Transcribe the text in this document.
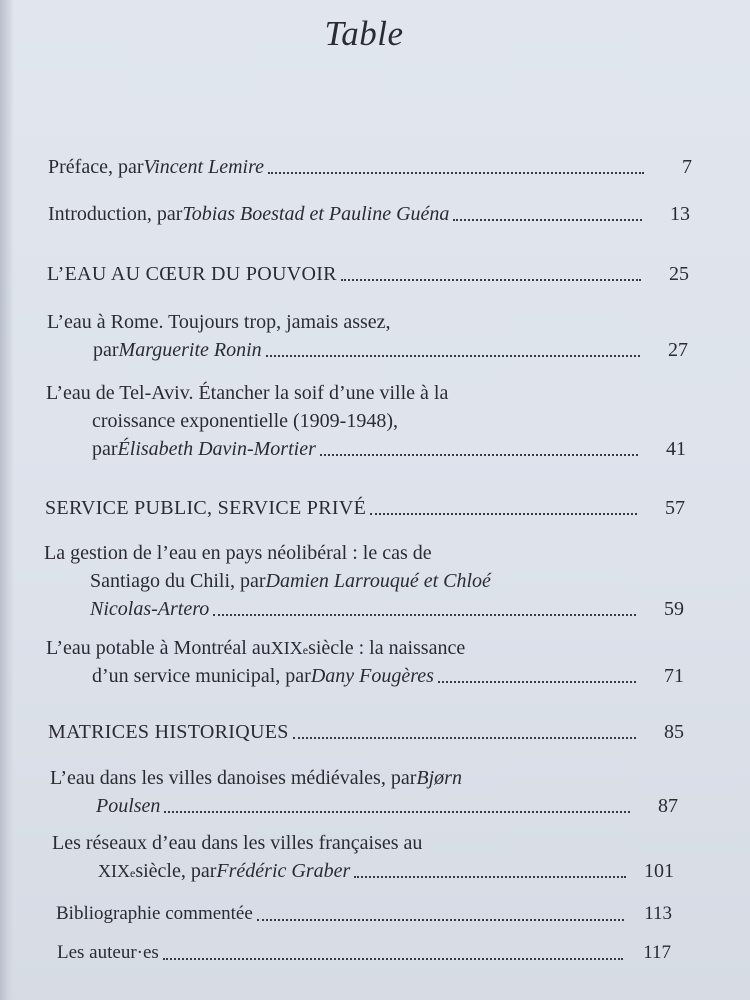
Table
Préface, par Vincent Lemire	7
Introduction, par Tobias Boestad et Pauline Guéna	13
L’EAU AU CŒUR DU POUVOIR	25
L’eau à Rome. Toujours trop, jamais assez,
par Marguerite Ronin	27
L’eau de Tel-Aviv. Étancher la soif d’une ville à la
croissance exponentielle (1909-1948),
par Élisabeth Davin-Mortier	41
SERVICE PUBLIC, SERVICE PRIVÉ	57
La gestion de l’eau en pays néolibéral : le cas de
Santiago du Chili, par Damien Larrouqué et Chloé
Nicolas-Artero	59
L’eau potable à Montréal au XIX e siècle : la naissance
d’un service municipal, par Dany Fougères	71
MATRICES HISTORIQUES	85
L’eau dans les villes danoises médiévales, par Bjørn
Poulsen	87
Les réseaux d’eau dans les villes françaises au
XIX e siècle, par Frédéric Graber	101
Bibliographie commentée	113
Les auteur·es	117
